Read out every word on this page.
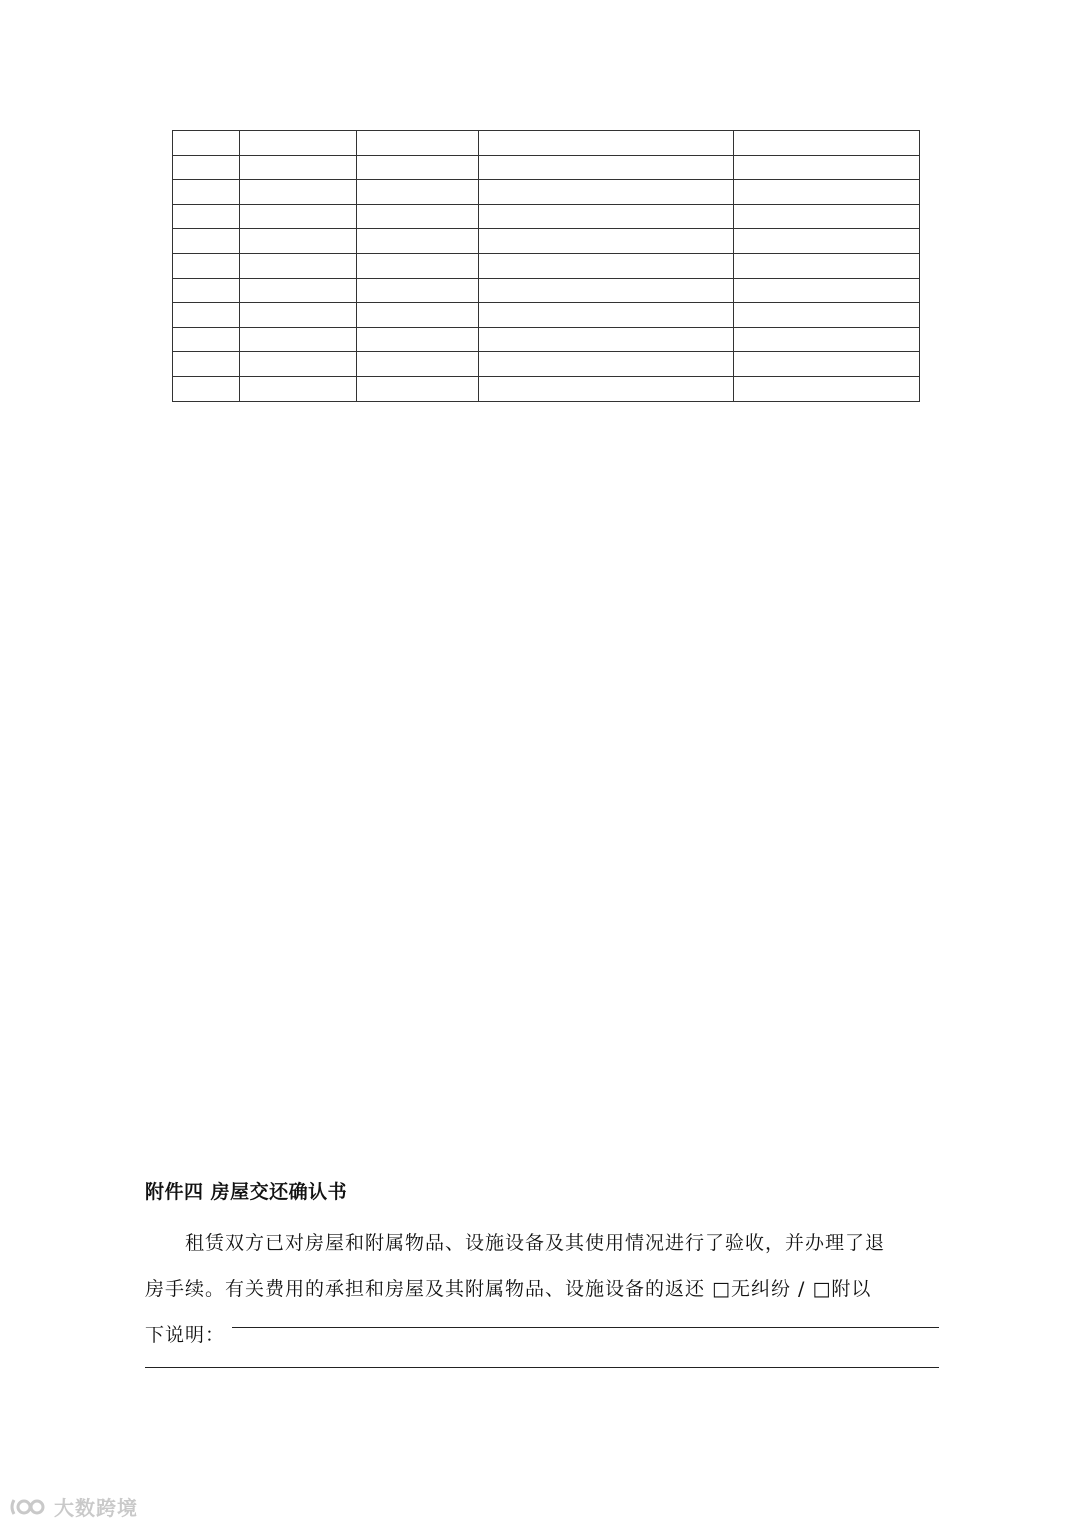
附件四 房屋交还确认书

租赁双方已对房屋和附属物品、设施设备及其使用情况进行了验收，并办理了退
房手续。有关费用的承担和房屋及其附属物品、设施设备的返还 □无纠纷 / □附以
下说明：

大数跨境
